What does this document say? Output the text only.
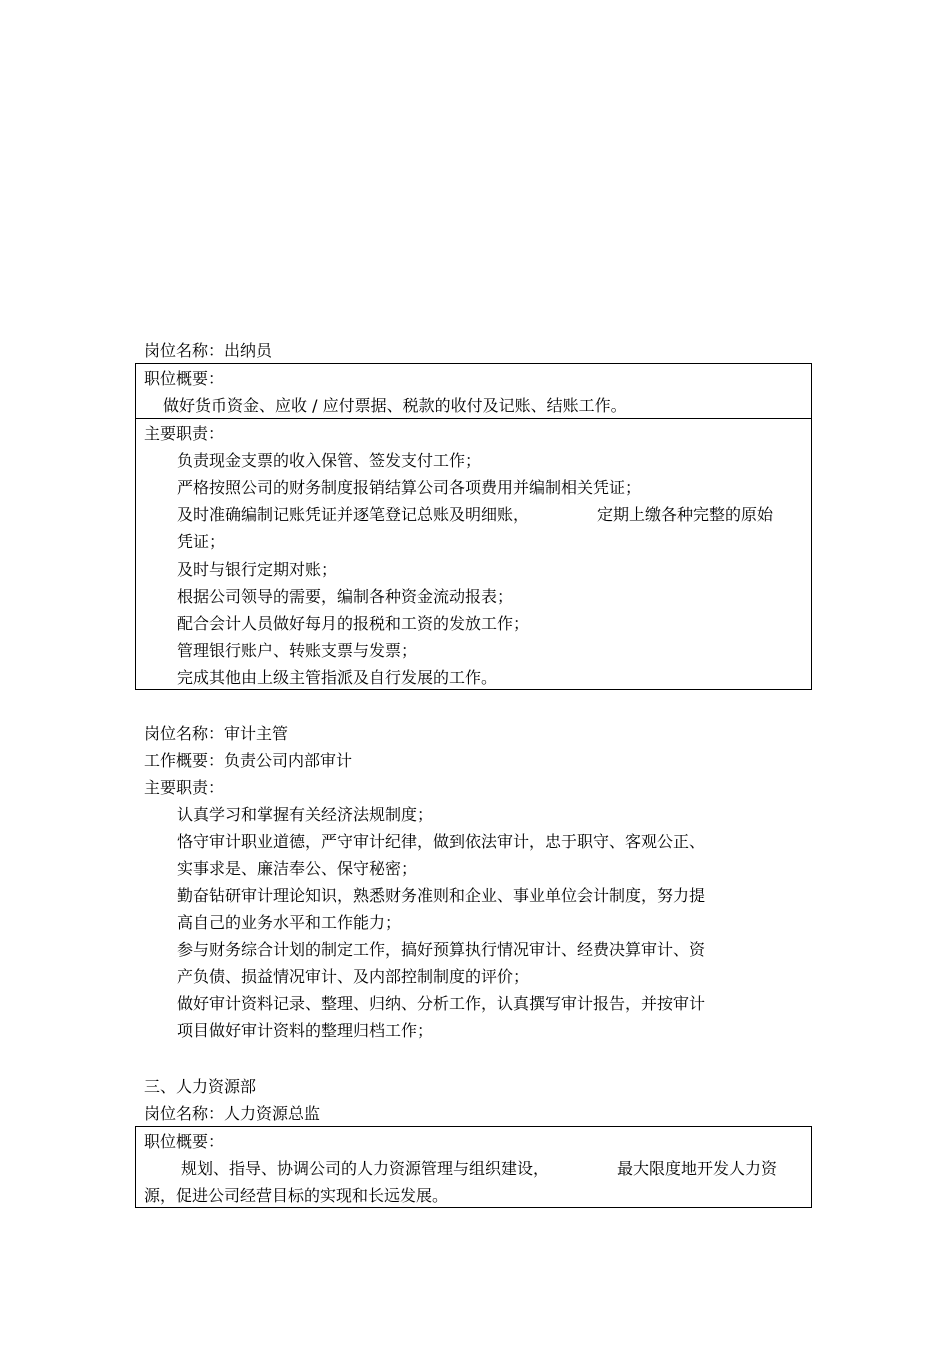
岗位名称：出纳员
职位概要：
做好货币资金、应收 / 应付票据、税款的收付及记账、结账工作。
主要职责：
负责现金支票的收入保管、签发支付工作；
严格按照公司的财务制度报销结算公司各项费用并编制相关凭证；
及时准确编制记账凭证并逐笔登记总账及明细账，	定期上缴各种完整的原始
凭证；
及时与银行定期对账；
根据公司领导的需要，编制各种资金流动报表；
配合会计人员做好每月的报税和工资的发放工作；
管理银行账户、转账支票与发票；
完成其他由上级主管指派及自行发展的工作。
岗位名称：审计主管
工作概要：负责公司内部审计
主要职责：
认真学习和掌握有关经济法规制度；
恪守审计职业道德，严守审计纪律，做到依法审计，忠于职守、客观公正、
实事求是、廉洁奉公、保守秘密；
勤奋钻研审计理论知识，熟悉财务准则和企业、事业单位会计制度，努力提
高自己的业务水平和工作能力；
参与财务综合计划的制定工作，搞好预算执行情况审计、经费决算审计、资
产负债、损益情况审计、及内部控制制度的评价；
做好审计资料记录、整理、归纳、分析工作，认真撰写审计报告，并按审计
项目做好审计资料的整理归档工作；
三、人力资源部
岗位名称：人力资源总监
职位概要：
规划、指导、协调公司的人力资源管理与组织建设，	最大限度地开发人力资
源，促进公司经营目标的实现和长远发展。
